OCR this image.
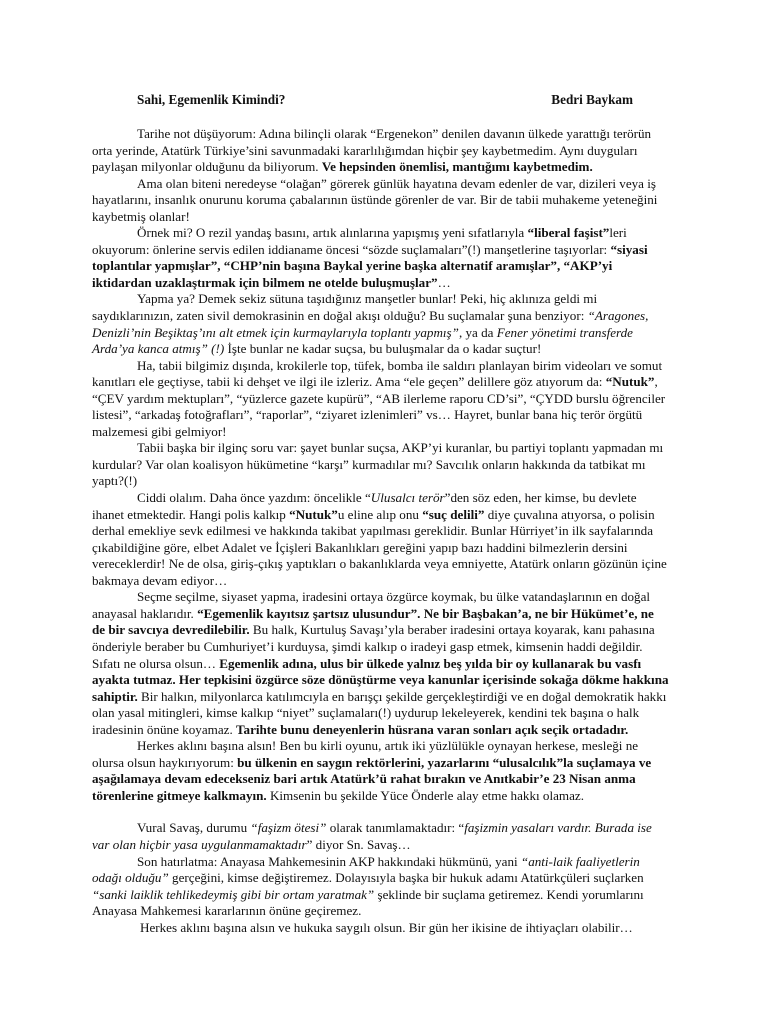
Sahi, Egemenlik Kimindi?	Bedri Baykam

Tarihe not düşüyorum: Adına bilinçli olarak “Ergenekon” denilen davanın ülkede yarattığı terörün orta yerinde, Atatürk Türkiye’sini savunmadaki kararlılığımdan hiçbir şey kaybetmedim. Aynı duyguları paylaşan milyonlar olduğunu da biliyorum. Ve hepsinden önemlisi, mantığımı kaybetmedim.

Ama olan biteni neredeyse “olağan” görerek günlük hayatına devam edenler de var, dizileri veya iş hayatlarını, insanlık onurunu koruma çabalarının üstünde görenler de var. Bir de tabii muhakeme yeteneğini kaybetmiş olanlar!

Örnek mi? O rezil yandaş basını, artık alınlarına yapışmış yeni sıfatlarıyla “liberal faşist”leri okuyorum: önlerine servis edilen iddianame öncesi “sözde suçlamaları”(!) manşetlerine taşıyorlar: “siyasi toplantılar yapmışlar”, “CHP’nin başına Baykal yerine başka alternatif aramışlar”, “AKP’yi iktidardan uzaklaştırmak için bilmem ne otelde buluşmuşlar”…

Yapma ya? Demek sekiz sütuna taşıdığınız manşetler bunlar! Peki, hiç aklınıza geldi mi saydıklarınızın, zaten sivil demokrasinin en doğal akışı olduğu? Bu suçlamalar şuna benziyor: “Aragones, Denizli’nin Beşiktaş’ını alt etmek için kurmaylarıyla toplantı yapmış”, ya da Fener yönetimi transferde Arda’ya kanca atmış” (!) İşte bunlar ne kadar suçsa, bu buluşmalar da o kadar suçtur!

Ha, tabii bilgimiz dışında, krokilerle top, tüfek, bomba ile saldırı planlayan birim videoları ve somut kanıtları ele geçtiyse, tabii ki dehşet ve ilgi ile izleriz. Ama “ele geçen” delillere göz atıyorum da: “Nutuk”, “ÇEV yardım mektupları”, “yüzlerce gazete kupürü”, “AB ilerleme raporu CD’si”, “ÇYDD burslu öğrenciler listesi”, “arkadaş fotoğrafları”, “raporlar”, “ziyaret izlenimleri” vs… Hayret, bunlar bana hiç terör örgütü malzemesi gibi gelmiyor!

Tabii başka bir ilginç soru var: şayet bunlar suçsa, AKP’yi kuranlar, bu partiyi toplantı yapmadan mı kurdular? Var olan koalisyon hükümetine “karşı” kurmadılar mı? Savcılık onların hakkında da tatbikat mı yaptı?(!)

Ciddi olalım. Daha önce yazdım: öncelikle “Ulusalcı terör”den söz eden, her kimse, bu devlete ihanet etmektedir. Hangi polis kalkıp “Nutuk”u eline alıp onu “suç delili” diye çuvalına atıyorsa, o polisin derhal emekliye sevk edilmesi ve hakkında takibat yapılması gereklidir. Bunlar Hürriyet’in ilk sayfalarında çıkabildiğine göre, elbet Adalet ve İçişleri Bakanlıkları gereğini yapıp bazı haddini bilmezlerin dersini vereceklerdir! Ne de olsa, giriş-çıkış yaptıkları o bakanlıklarda veya emniyette, Atatürk onların gözünün içine bakmaya devam ediyor…

Seçme seçilme, siyaset yapma, iradesini ortaya özgürce koymak, bu ülke vatandaşlarının en doğal anayasal haklarıdır. “Egemenlik kayıtsız şartsız ulusundur”. Ne bir Başbakan’a, ne bir Hükümet’e, ne de bir savcıya devredilebilir. Bu halk, Kurtuluş Savaşı’yla beraber iradesini ortaya koyarak, kanı pahasına önderiyle beraber bu Cumhuriyet’i kurduysa, şimdi kalkıp o iradeyi gasp etmek, kimsenin haddi değildir. Sıfatı ne olursa olsun… Egemenlik adına, ulus bir ülkede yalnız beş yılda bir oy kullanarak bu vasfı ayakta tutmaz. Her tepkisini özgürce söze dönüştürme veya kanunlar içerisinde sokağa dökme hakkına sahiptir. Bir halkın, milyonlarca katılımcıyla en barışçı şekilde gerçekleştirdiği ve en doğal demokratik hakkı olan yasal mitingleri, kimse kalkıp “niyet” suçlamaları(!) uydurup lekeleyerek, kendini tek başına o halk iradesinin önüne koyamaz. Tarihte bunu deneyenlerin hüsrana varan sonları açık seçik ortadadır.

Herkes aklını başına alsın! Ben bu kirli oyunu, artık iki yüzlülükle oynayan herkese, mesleği ne olursa olsun haykırıyorum: bu ülkenin en saygın rektörlerini, yazarlarını “ulusalcılık”la suçlamaya ve aşağılamaya devam edecekseniz bari artık Atatürk’ü rahat bırakın ve Anıtkabir’e 23 Nisan anma törenlerine gitmeye kalkmayın. Kimsenin bu şekilde Yüce Önderle alay etme hakkı olamaz.

Vural Savaş, durumu “faşizm ötesi” olarak tanımlamaktadır: “faşizmin yasaları vardır. Burada ise var olan hiçbir yasa uygulanmamaktadır” diyor Sn. Savaş…

Son hatırlatma: Anayasa Mahkemesinin AKP hakkındaki hükmünü, yani “anti-laik faaliyetlerin odağı olduğu” gerçeğini, kimse değiştiremez. Dolayısıyla başka bir hukuk adamı Atatürkçüleri suçlarken “sanki laiklik tehlikedeymiş gibi bir ortam yaratmak” şeklinde bir suçlama getiremez. Kendi yorumlarını Anayasa Mahkemesi kararlarının önüne geçiremez.

Herkes aklını başına alsın ve hukuka saygılı olsun. Bir gün her ikisine de ihtiyaçları olabilir…
